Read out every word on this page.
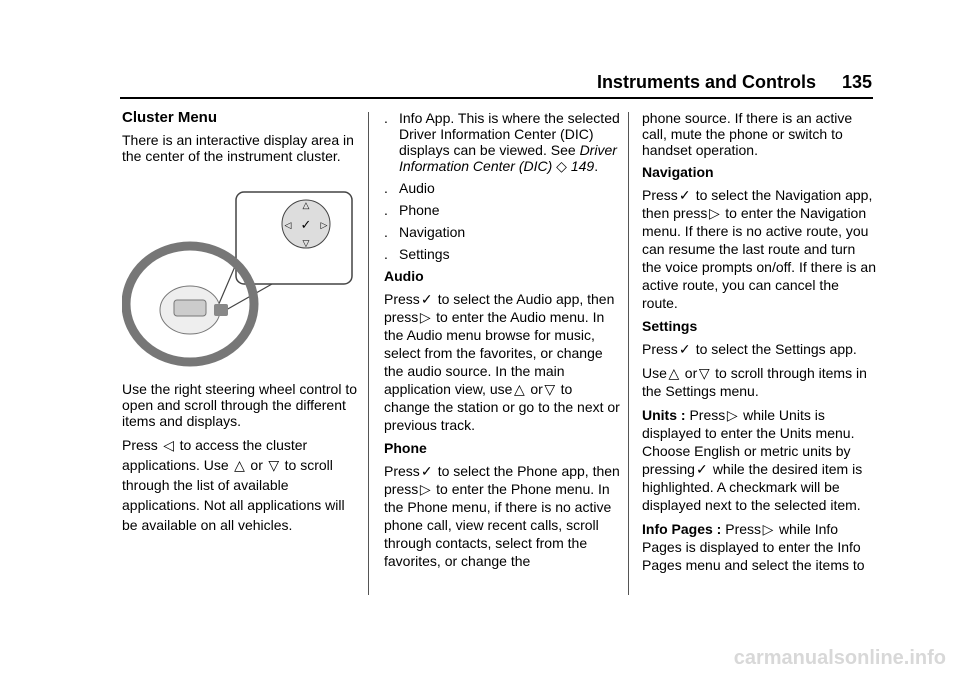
Instruments and Controls 135

Cluster Menu

There is an interactive display area in the center of the instrument cluster.

✓
△
▽
◁	▷

Use the right steering wheel control to open and scroll through the different items and displays.

Press ◁ to access the cluster applications. Use △ or ▽ to scroll through the list of available applications. Not all applications will be available on all vehicles.

. Info App. This is where the selected Driver Information Center (DIC) displays can be viewed. See Driver Information Center (DIC) ◇ 149.

. Audio

. Phone

. Navigation

. Settings

Audio

Press✓ to select the Audio app, then press ▷ to enter the Audio menu. In the Audio menu browse for music, select from the favorites, or change the audio source. In the main application view, use △ or ▽ to change the station or go to the next or previous track.

Phone

Press✓ to select the Phone app, then press ▷ to enter the Phone menu. In the Phone menu, if there is no active phone call, view recent calls, scroll through contacts, select from the favorites, or change the

phone source. If there is an active call, mute the phone or switch to handset operation.

Navigation

Press✓ to select the Navigation app, then press ▷ to enter the Navigation menu. If there is no active route, you can resume the last route and turn the voice prompts on/off. If there is an active route, you can cancel the route.

Settings

Press✓ to select the Settings app.

Use △ or ▽ to scroll through items in the Settings menu.

Units : Press ▷ while Units is displayed to enter the Units menu. Choose English or metric units by pressing✓ while the desired item is highlighted. A checkmark will be displayed next to the selected item.

Info Pages : Press ▷ while Info Pages is displayed to enter the Info Pages menu and select the items to

carmanualsonline.info
